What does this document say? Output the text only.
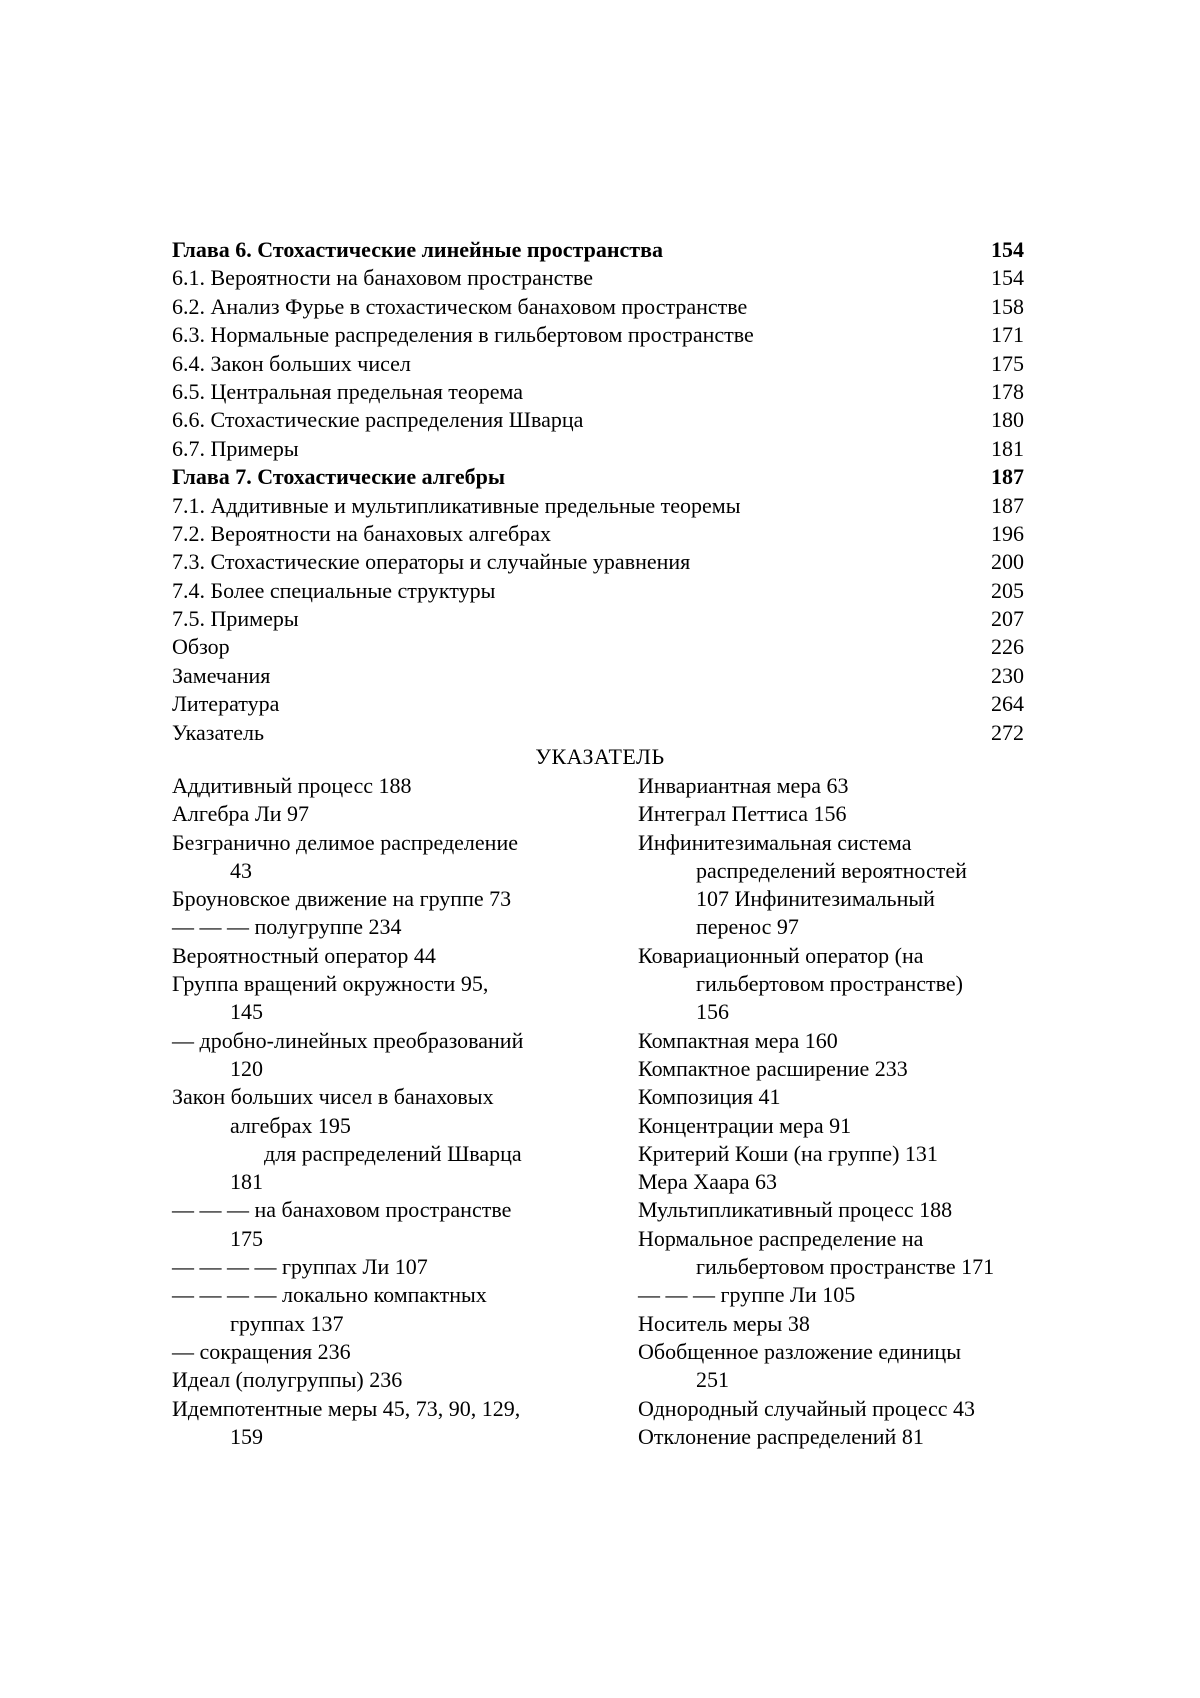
Глава 6. Стохастические линейные пространства	154
6.1. Вероятности на банаховом пространстве	154
6.2. Анализ Фурье в стохастическом банаховом пространстве	158
6.3. Нормальные распределения в гильбертовом пространстве	171
6.4. Закон больших чисел	175
6.5. Центральная предельная теорема	178
6.6. Стохастические распределения Шварца	180
6.7. Примеры	181
Глава 7. Стохастические алгебры	187
7.1. Аддитивные и мультипликативные предельные теоремы	187
7.2. Вероятности на банаховых алгебрах	196
7.3. Стохастические операторы и случайные уравнения	200
7.4. Более специальные структуры	205
7.5. Примеры	207
Обзор	226
Замечания	230
Литература	264
Указатель	272
УКАЗАТЕЛЬ
Аддитивный процесс 188
Алгебра Ли 97
Безгранично делимое распределение
43
Броуновское движение на группе 73
— — — полугруппе 234
Вероятностный оператор 44
Группа вращений окружности 95,
145
— дробно-линейных преобразований
120
Закон больших чисел в банаховых
алгебрах 195
для распределений Шварца
181
— — — на банаховом пространстве
175
— — — — группах Ли 107
— — — — локально компактных
группах 137
— сокращения 236
Идеал (полугруппы) 236
Идемпотентные меры 45, 73, 90, 129,
159
Инвариантная мера 63
Интеграл Петтиса 156
Инфинитезимальная система
распределений вероятностей
107 Инфинитезимальный
перенос 97
Ковариационный оператор (на
гильбертовом пространстве)
156
Компактная мера 160
Компактное расширение 233
Композиция 41
Концентрации мера 91
Критерий Коши (на группе) 131
Мера Хаара 63
Мультипликативный процесс 188
Нормальное распределение на
гильбертовом пространстве 171
— — — группе Ли 105
Носитель меры 38
Обобщенное разложение единицы
251
Однородный случайный процесс 43
Отклонение распределений 81
